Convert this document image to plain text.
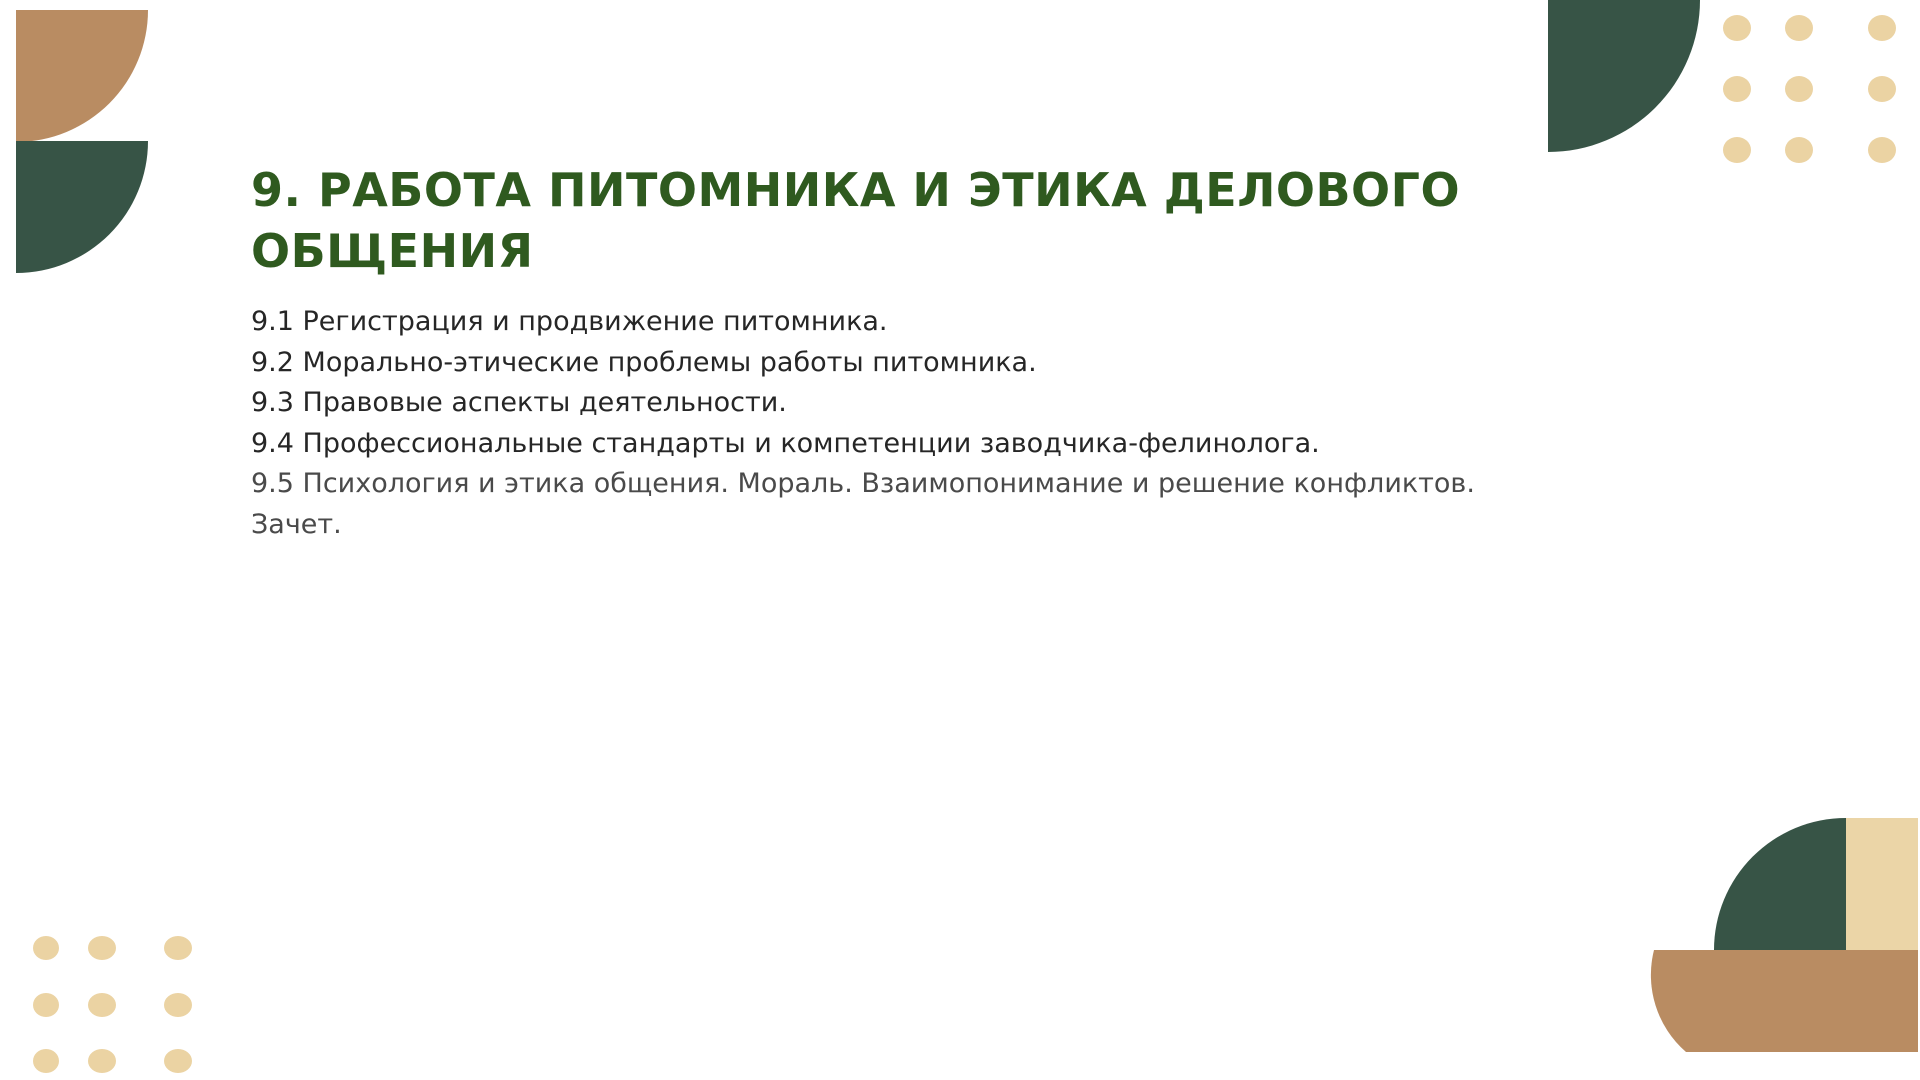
9. РАБОТА ПИТОМНИКА И ЭТИКА ДЕЛОВОГО
ОБЩЕНИЯ
9.1 Регистрация и продвижение питомника.
9.2 Морально-этические проблемы работы питомника.
9.3 Правовые аспекты деятельности.
9.4 Профессиональные стандарты и компетенции заводчика-фелинолога.
9.5 Психология и этика общения. Мораль. Взаимопонимание и решение конфликтов.
Зачет.
